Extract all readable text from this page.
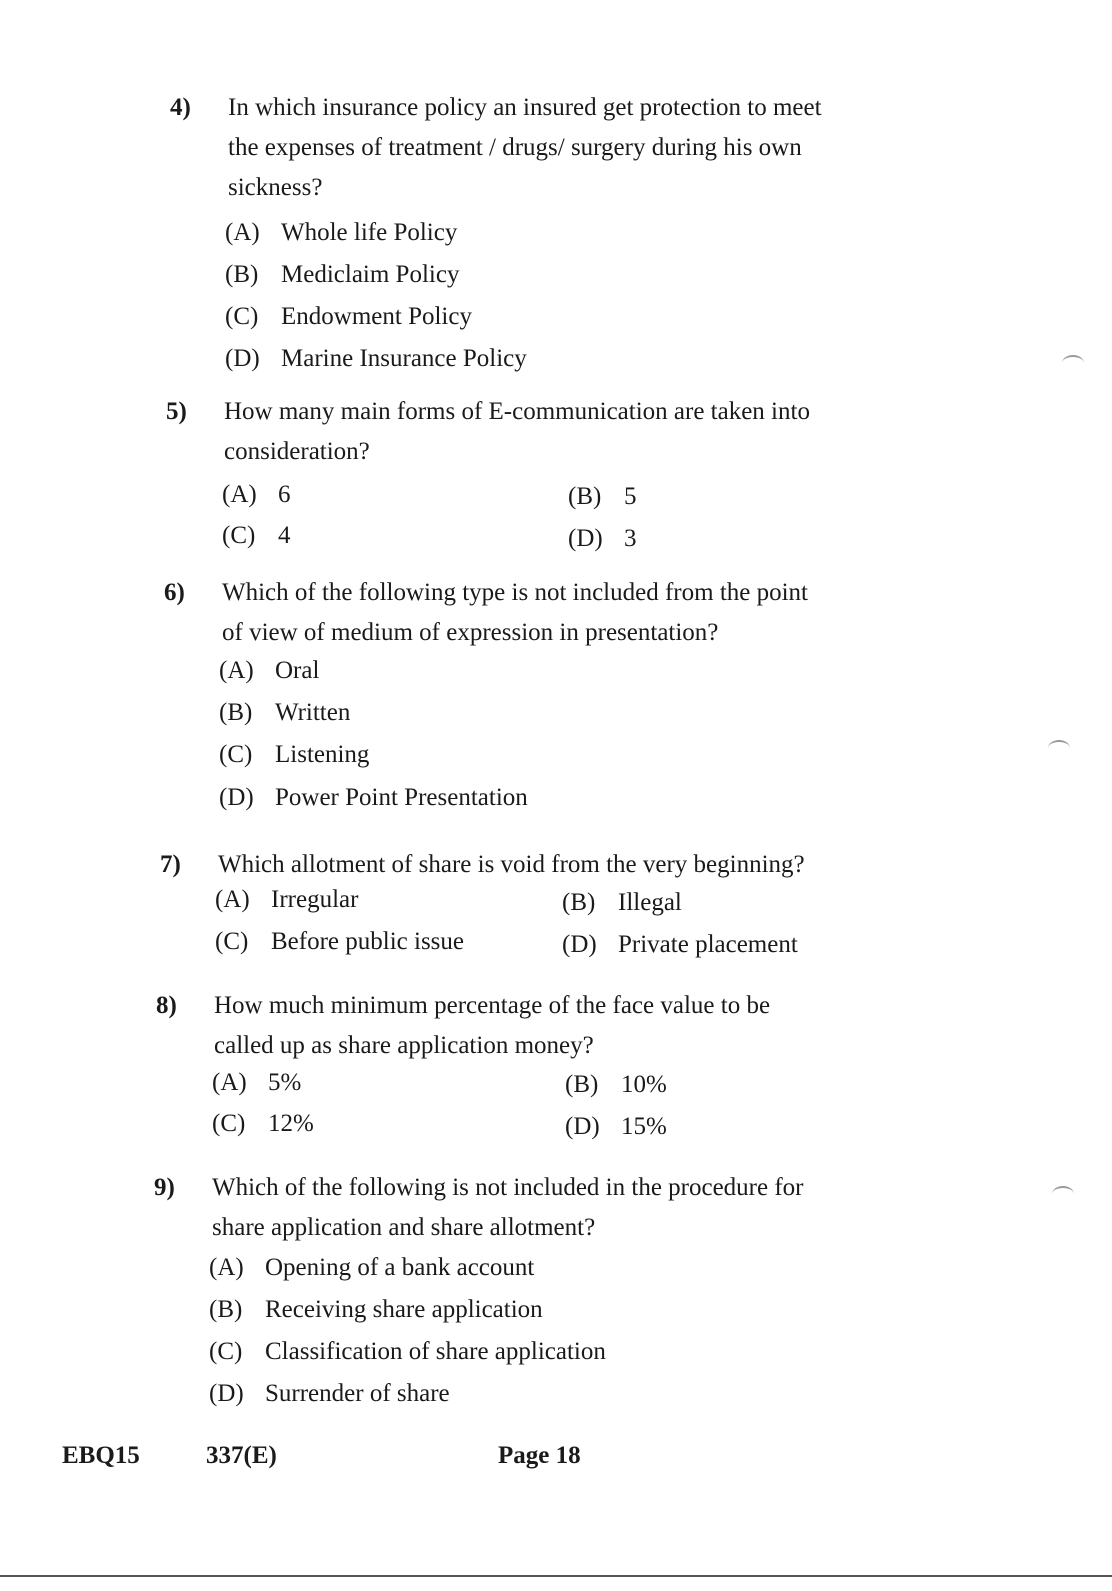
4) In which insurance policy an insured get protection to meet
the expenses of treatment / drugs/ surgery during his own
sickness?
(A) Whole life Policy
(B) Mediclaim Policy
(C) Endowment Policy
(D) Marine Insurance Policy
5) How many main forms of E-communication are taken into
consideration?
(A) 6	(B) 5
(C) 4	(D) 3
6) Which of the following type is not included from the point
of view of medium of expression in presentation?
(A) Oral
(B) Written
(C) Listening
(D) Power Point Presentation
7) Which allotment of share is void from the very beginning?
(A) Irregular	(B) Illegal
(C) Before public issue	(D) Private placement
8) How much minimum percentage of the face value to be
called up as share application money?
(A) 5%	(B) 10%
(C) 12%	(D) 15%
9) Which of the following is not included in the procedure for
share application and share allotment?
(A) Opening of a bank account
(B) Receiving share application
(C) Classification of share application
(D) Surrender of share
EBQ15	337(E)	Page 18
